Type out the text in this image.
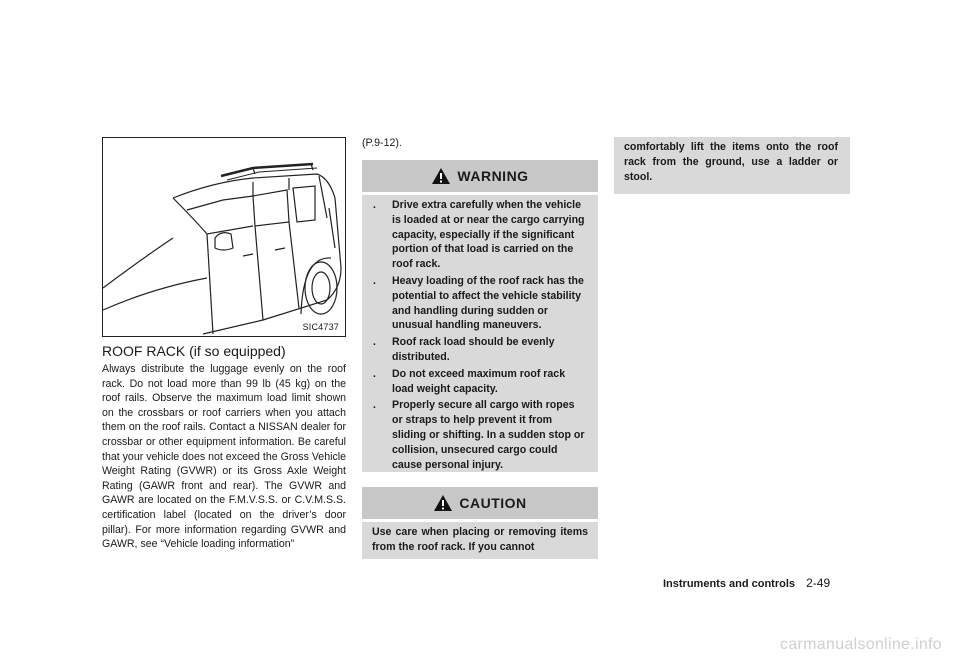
SIC4737
ROOF RACK (if so equipped)
Always distribute the luggage evenly on the roof rack. Do not load more than 99 lb (45 kg) on the roof rails. Observe the maximum load limit shown on the crossbars or roof carriers when you attach them on the roof rails. Contact a NISSAN dealer for crossbar or other equipment information. Be careful that your vehicle does not exceed the Gross Vehicle Weight Rating (GVWR) or its Gross Axle Weight Rating (GAWR front and rear). The GVWR and GAWR are located on the F.M.V.S.S. or C.V.M.S.S. certification label (located on the driver’s door pillar). For more information regarding GVWR and GAWR, see “Vehicle loading information”
(P.9-12).
WARNING
. Drive extra carefully when the vehicle is loaded at or near the cargo carrying capacity, especially if the significant portion of that load is carried on the roof rack.
. Heavy loading of the roof rack has the potential to affect the vehicle stability and handling during sudden or unusual handling maneuvers.
. Roof rack load should be evenly distributed.
. Do not exceed maximum roof rack load weight capacity.
. Properly secure all cargo with ropes or straps to help prevent it from sliding or shifting. In a sudden stop or collision, unsecured cargo could cause personal injury.
CAUTION
Use care when placing or removing items from the roof rack. If you cannot
comfortably lift the items onto the roof rack from the ground, use a ladder or stool.
Instruments and controls 2-49
carmanualsonline.info
